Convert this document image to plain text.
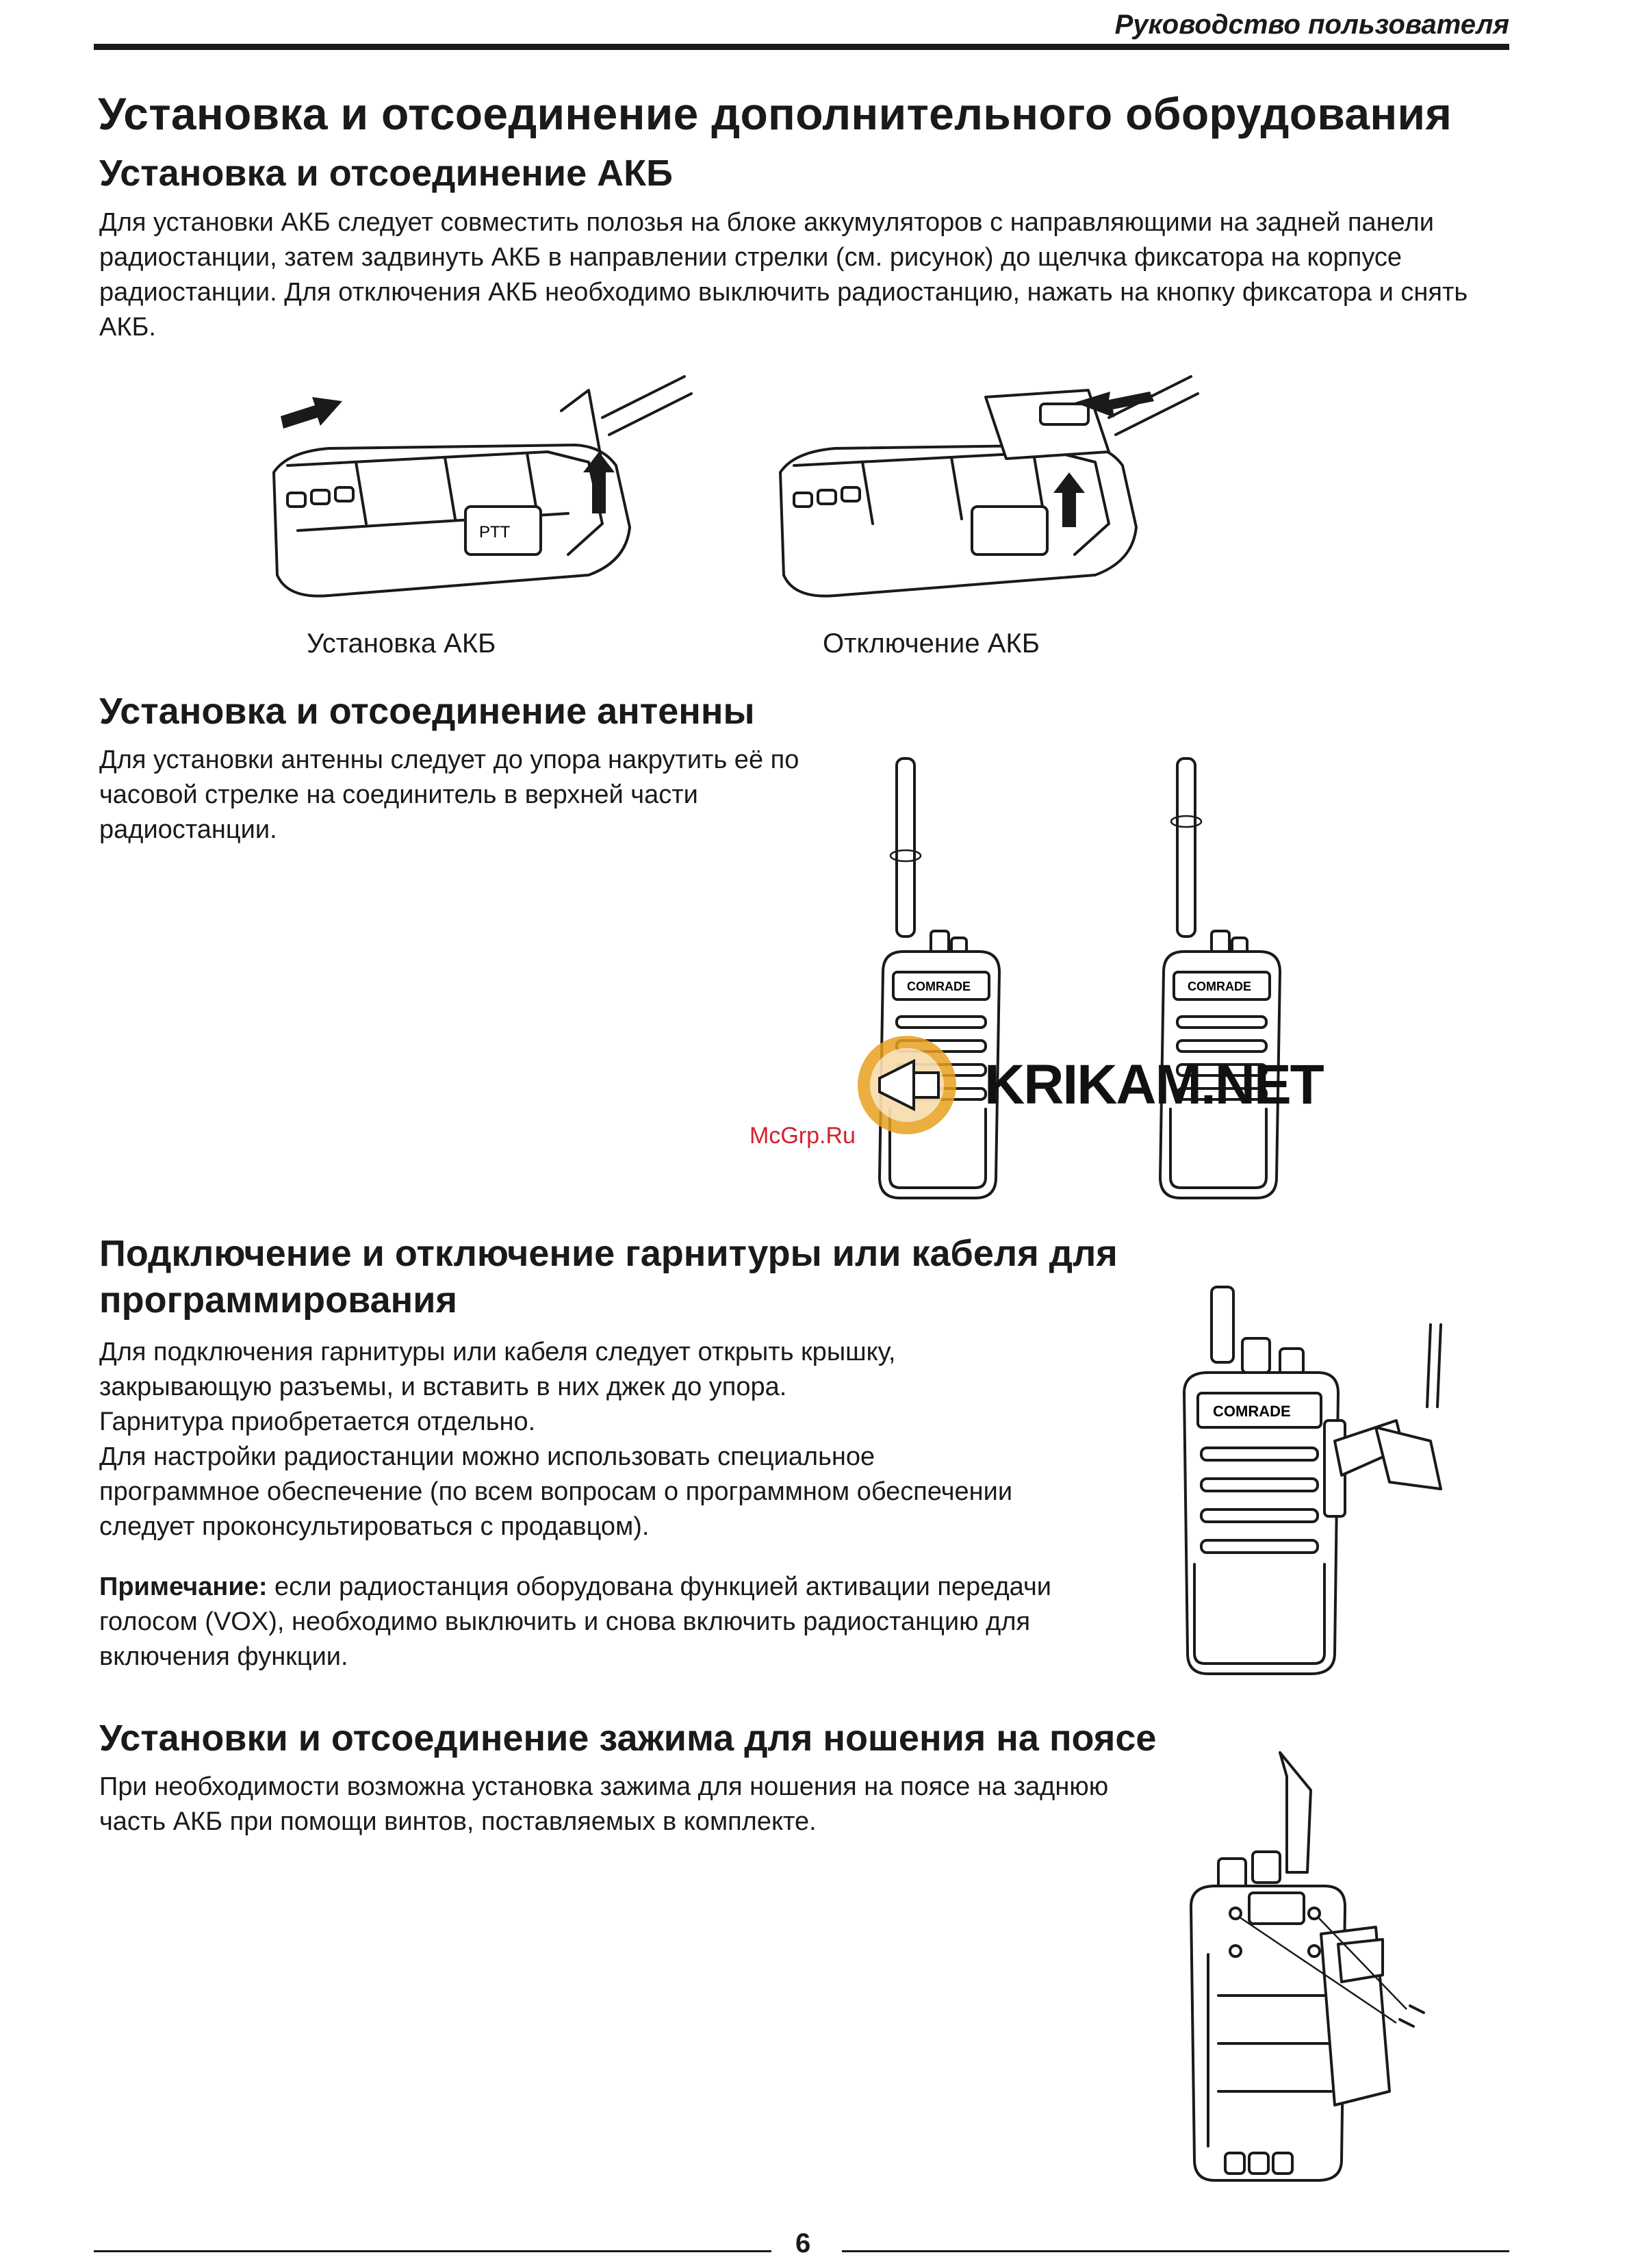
Руководство пользователя
Установка и отсоединение дополнительного оборудования
Установка и отсоединение АКБ
Для установки АКБ следует совместить полозья на блоке аккумуляторов с направляющими на задней панели радиостанции, затем задвинуть АКБ в направлении стрелки (см. рисунок) до щелчка фиксатора на корпусе радиостанции. Для отключения АКБ необходимо выключить радиостанцию, нажать на кнопку фиксатора и снять АКБ.
PTT
Установка АКБ	Отключение АКБ
Установка и отсоединение антенны
Для установки антенны следует до упора накрутить её по часовой стрелке на соединитель в верхней части радиостанции.
COMRADE	COMRADE
KRIKAM.NET
McGrp.Ru
Подключение и отключение гарнитуры или кабеля для
программирования

Для подключения гарнитуры или кабеля следует открыть крышку,

закрывающую разъемы, и вставить в них джек до упора.

Гарнитура приобретается отдельно.

Для настройки радиостанции можно использовать специальное

программное обеспечение (по всем вопросам о программном обеспечении

следует проконсультироваться с продавцом).

Примечание: если радиостанция оборудована функцией активации передачи голосом (VOX), необходимо выключить и снова включить радиостанцию для включения функции.
COMRADE
Установки и отсоединение зажима для ношения на поясе
При необходимости возможна установка зажима для ношения на поясе на заднюю часть АКБ при помощи винтов, поставляемых в комплекте.
6
